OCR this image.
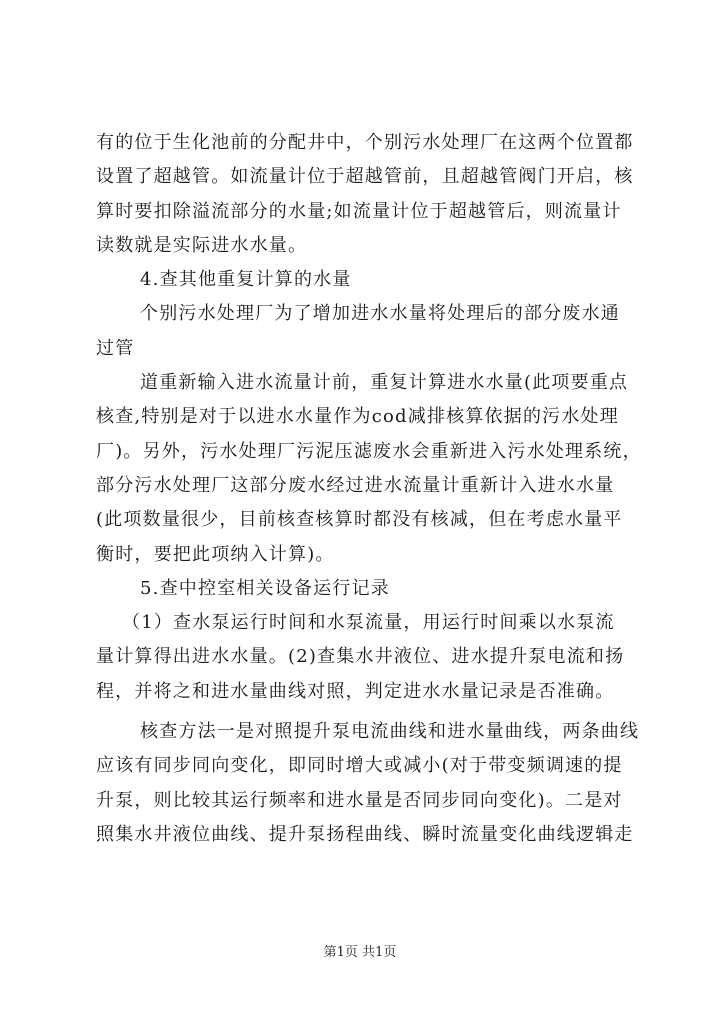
有的位于生化池前的分配井中，个别污水处理厂在这两个位置都
设置了超越管。如流量计位于超越管前，且超越管阀门开启，核
算时要扣除溢流部分的水量;如流量计位于超越管后，则流量计
读数就是实际进水水量。
4.查其他重复计算的水量
个别污水处理厂为了增加进水水量将处理后的部分废水通
过管
道重新输入进水流量计前，重复计算进水水量(此项要重点
核查,特别是对于以进水水量作为cod减排核算依据的污水处理
厂)。另外，污水处理厂污泥压滤废水会重新进入污水处理系统，
部分污水处理厂这部分废水经过进水流量计重新计入进水水量
(此项数量很少，目前核查核算时都没有核减，但在考虑水量平
衡时，要把此项纳入计算)。
5.查中控室相关设备运行记录
（1）查水泵运行时间和水泵流量，用运行时间乘以水泵流
量计算得出进水水量。(2)查集水井液位、进水提升泵电流和扬
程，并将之和进水量曲线对照，判定进水水量记录是否准确。
核查方法一是对照提升泵电流曲线和进水量曲线，两条曲线
应该有同步同向变化，即同时增大或减小(对于带变频调速的提
升泵，则比较其运行频率和进水量是否同步同向变化)。二是对
照集水井液位曲线、提升泵扬程曲线、瞬时流量变化曲线逻辑走
第1页 共1页
